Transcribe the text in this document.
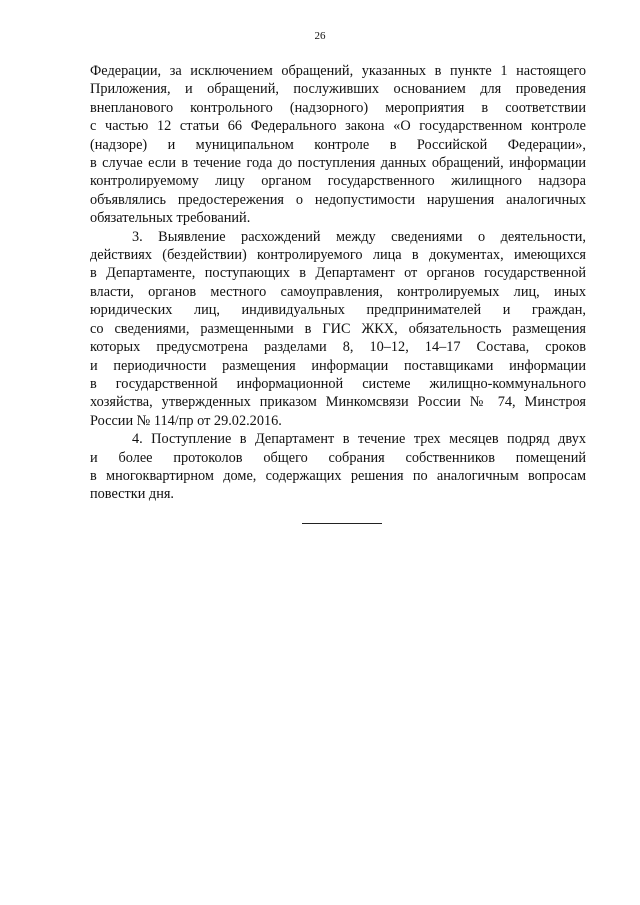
26
Федерации, за исключением обращений, указанных в пункте 1 настоящего
Приложения, и обращений, послуживших основанием для проведения
внепланового контрольного (надзорного) мероприятия в соответствии
с частью 12 статьи 66 Федерального закона «О государственном контроле
(надзоре) и муниципальном контроле в Российской Федерации»,
в случае если в течение года до поступления данных обращений, информации
контролируемому лицу органом государственного жилищного надзора
объявлялись предостережения о недопустимости нарушения аналогичных
обязательных требований.
3. Выявление расхождений между сведениями о деятельности,
действиях (бездействии) контролируемого лица в документах, имеющихся
в Департаменте, поступающих в Департамент от органов государственной
власти, органов местного самоуправления, контролируемых лиц, иных
юридических лиц, индивидуальных предпринимателей и граждан,
со сведениями, размещенными в ГИС ЖКХ, обязательность размещения
которых предусмотрена разделами 8, 10–12, 14–17 Состава, сроков
и периодичности размещения информации поставщиками информации
в государственной информационной системе жилищно-коммунального
хозяйства, утвержденных приказом Минкомсвязи России № 74, Минстроя
России № 114/пр от 29.02.2016.
4. Поступление в Департамент в течение трех месяцев подряд двух
и более протоколов общего собрания собственников помещений
в многоквартирном доме, содержащих решения по аналогичным вопросам
повестки дня.
